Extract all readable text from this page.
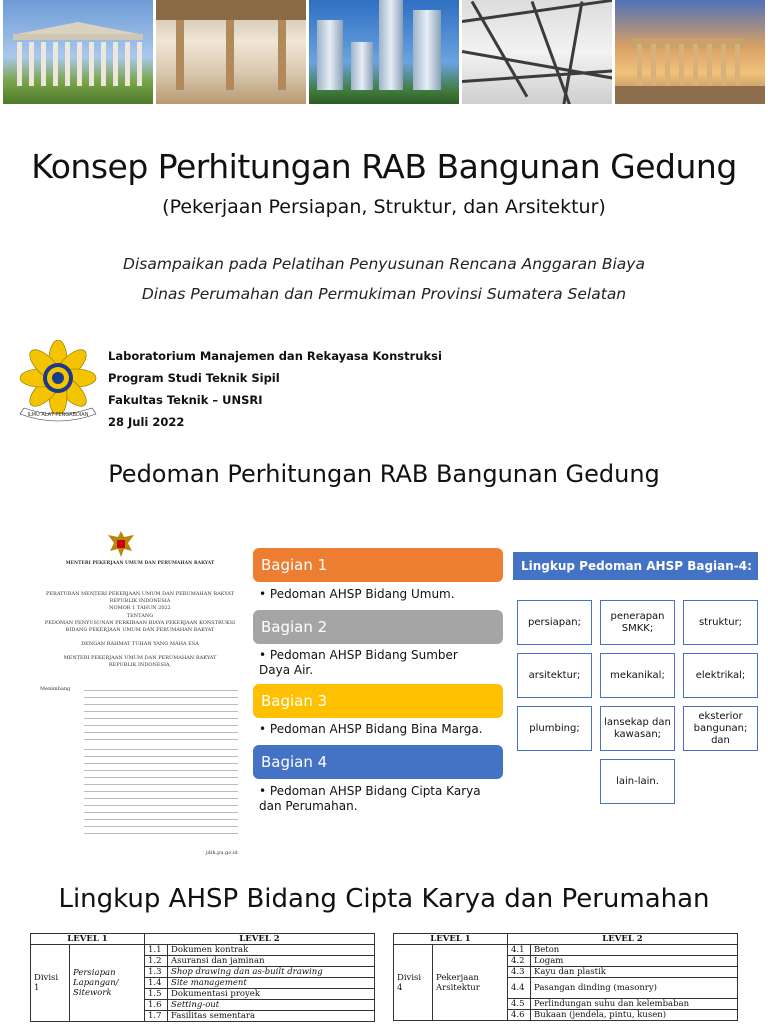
Konsep Perhitungan RAB Bangunan Gedung
(Pekerjaan Persiapan, Struktur, dan Arsitektur)
Disampaikan pada Pelatihan Penyusunan Rencana Anggaran Biaya
Dinas Perumahan dan Permukiman Provinsi Sumatera Selatan
ILMU ALAT PENGABDIAN
Laboratorium Manajemen dan Rekayasa Konstruksi
Program Studi Teknik Sipil
Fakultas Teknik – UNSRI
28 Juli 2022
Pedoman Perhitungan RAB Bangunan Gedung
MENTERI PEKERJAAN UMUM DAN PERUMAHAN RAKYAT
PERATURAN MENTERI PEKERJAAN UMUM DAN PERUMAHAN RAKYAT
REPUBLIK INDONESIA
NOMOR 1 TAHUN 2022
TENTANG
PEDOMAN PENYUSUNAN PERKIRAAN BIAYA PEKERJAAN KONSTRUKSI
BIDANG PEKERJAAN UMUM DAN PERUMAHAN RAKYAT
DENGAN RAHMAT TUHAN YANG MAHA ESA
MENTERI PEKERJAAN UMUM DAN PERUMAHAN RAKYAT
REPUBLIK INDONESIA,
Menimbang
jdih.pu.go.id
Bagian 1
• Pedoman AHSP Bidang Umum.
Bagian 2
• Pedoman AHSP Bidang Sumber Daya Air.
Bagian 3
• Pedoman AHSP Bidang Bina Marga.
Bagian 4
• Pedoman AHSP Bidang Cipta Karya dan Perumahan.
Lingkup Pedoman AHSP Bagian-4:
persiapan;
penerapan SMKK;
struktur;
arsitektur;	mekanikal;	elektrikal;
plumbing;
lansekap dan kawasan;
eksterior bangunan; dan
lain-lain.
Lingkup AHSP Bidang Cipta Karya dan Perumahan
LEVEL 1		LEVEL 2	
Divisi 1	Persiapan Lapangan/ Sitework	1.1	Dokumen kontrak
		1.2	Asuransi dan jaminan
		1.3	Shop drawing dan as-built drawing
		1.4	Site management
		1.5	Dokumentasi proyek
		1.6	Setting-out
		1.7	Fasilitas sementara
LEVEL 1		LEVEL 2	
Divisi 4	Pekerjaan Arsitektur	4.1	Beton
		4.2	Logam
		4.3	Kayu dan plastik
		4.4	Pasangan dinding (masonry)
		4.5	Perlindungan suhu dan kelembaban
		4.6	Bukaan (jendela, pintu, kusen)
